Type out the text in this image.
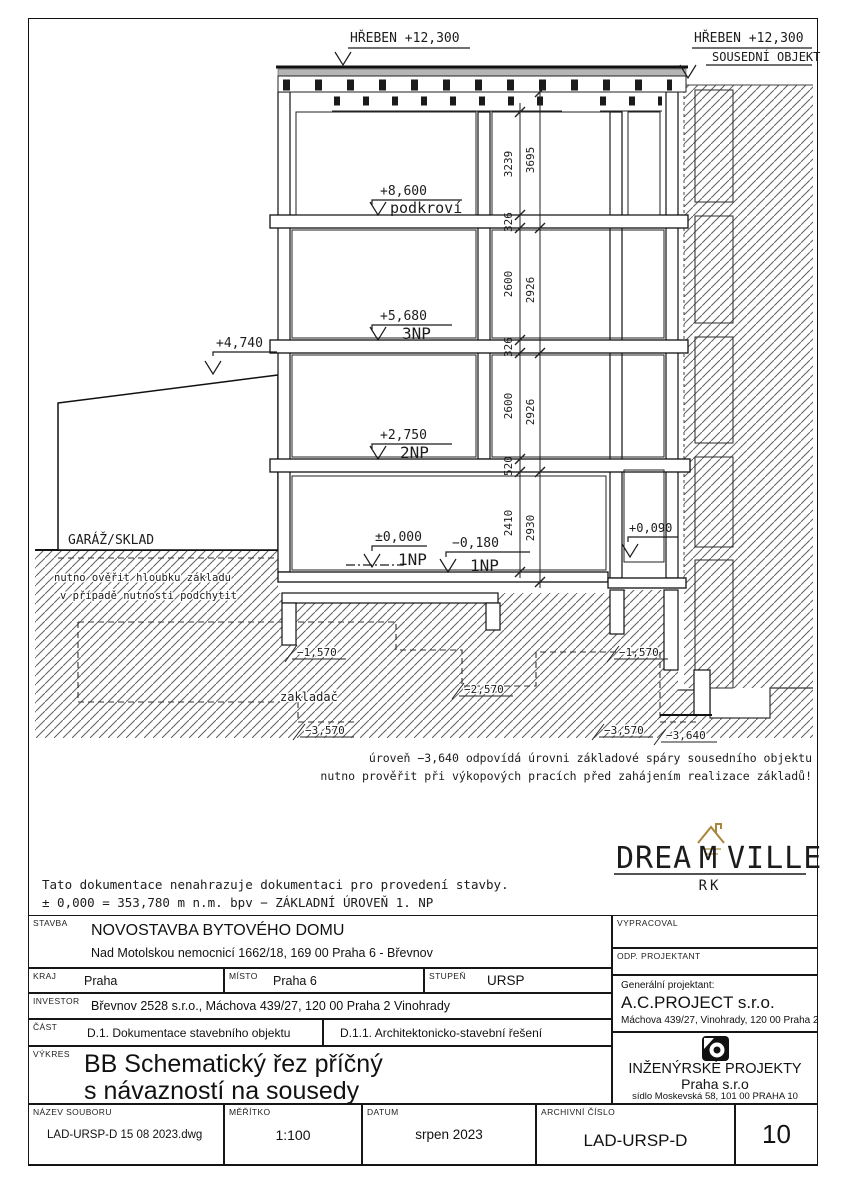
GARÁŽ/SKLAD
3239 3695
326
2600 2926
326
2600 2926
520
2410 2930
HŘEBEN +12,300	HŘEBEN +12,300
SOUSEDNÍ OBJEKT
+4,740
+8,600
podkroví
+5,680
3NP
+2,750
2NP
±0,000
1NP
−0,180
1NP
+0,090
nutno ověřit hloubku základu
v případě nutnosti podchytit
−1,570
zakladač
−3,570
−2,570
−1,570
−3,570 −3,640
úroveň −3,640 odpovídá úrovni základové spáry sousedního objektu
nutno prověřit při výkopových pracích před zahájením realizace základů!
Tato dokumentace nenahrazuje dokumentaci pro provedení stavby.
± 0,000 = 353,780 m n.m. bpv − ZÁKLADNÍ ÚROVEŇ 1. NP
DREA M VILLE
RK
STAVBA NOVOSTAVBA BYTOVÉHO DOMU
Nad Motolskou nemocnicí 1662/18, 169 00 Praha 6 - Břevnov
KRAJ Praha	MÍSTO Praha 6	STUPEŇ URSP
INVESTOR Břevnov 2528 s.r.o., Máchova 439/27, 120 00 Praha 2 Vinohrady
ČÁST D.1. Dokumentace stavebního objektu	D.1.1. Architektonicko-stavební řešení
VÝKRES BB Schematický řez příčný
s návazností na sousedy
NÁZEV SOUBORU
LAD-URSP-D 15 08 2023.dwg
MĚŘÍTKO
1:100
DATUM
srpen 2023
ARCHIVNÍ ČÍSLO
LAD-URSP-D	10
VYPRACOVAL
ODP. PROJEKTANT
Generální projektant:
A.C.PROJECT s.r.o.
Máchova 439/27, Vinohrady, 120 00 Praha 2
INŽENÝRSKÉ PROJEKTY
Praha s.r.o
sídlo Moskevská 58, 101 00 PRAHA 10
